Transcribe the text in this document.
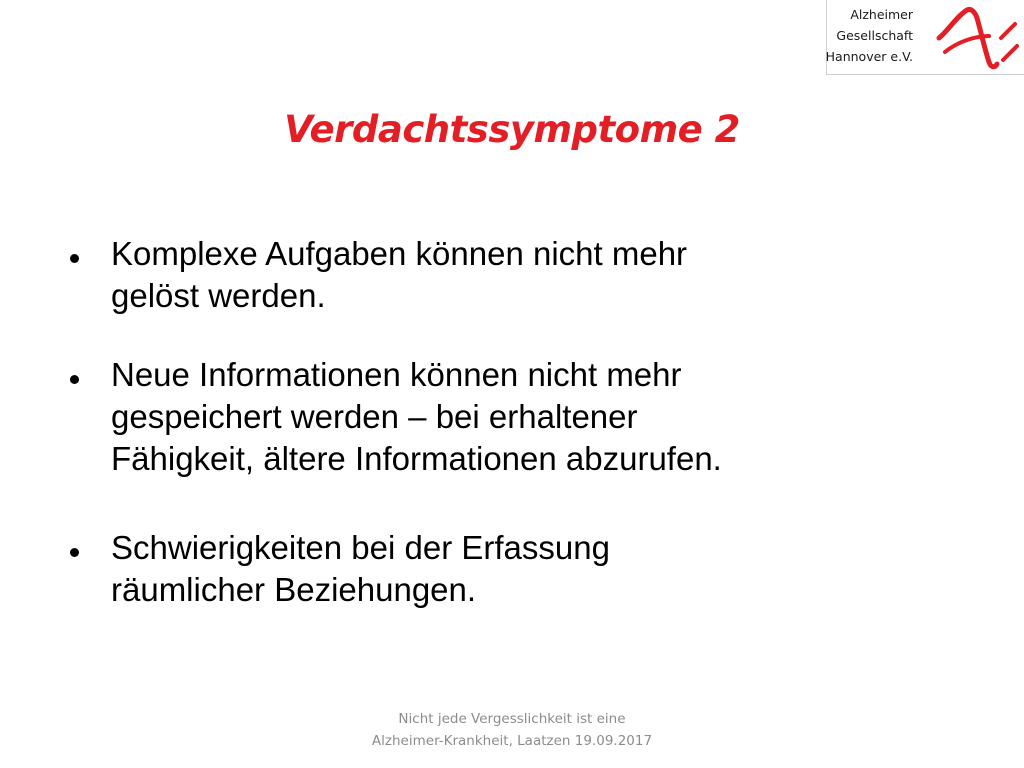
Alzheimer
Gesellschaft
Hannover e.V.
Verdachtssymptome 2
Komplexe Aufgaben können nicht mehr
gelöst werden.
Neue Informationen können nicht mehr
gespeichert werden – bei erhaltener
Fähigkeit, ältere Informationen abzurufen.
Schwierigkeiten bei der Erfassung
räumlicher Beziehungen.
Nicht jede Vergesslichkeit ist eine
Alzheimer-Krankheit, Laatzen 19.09.2017
